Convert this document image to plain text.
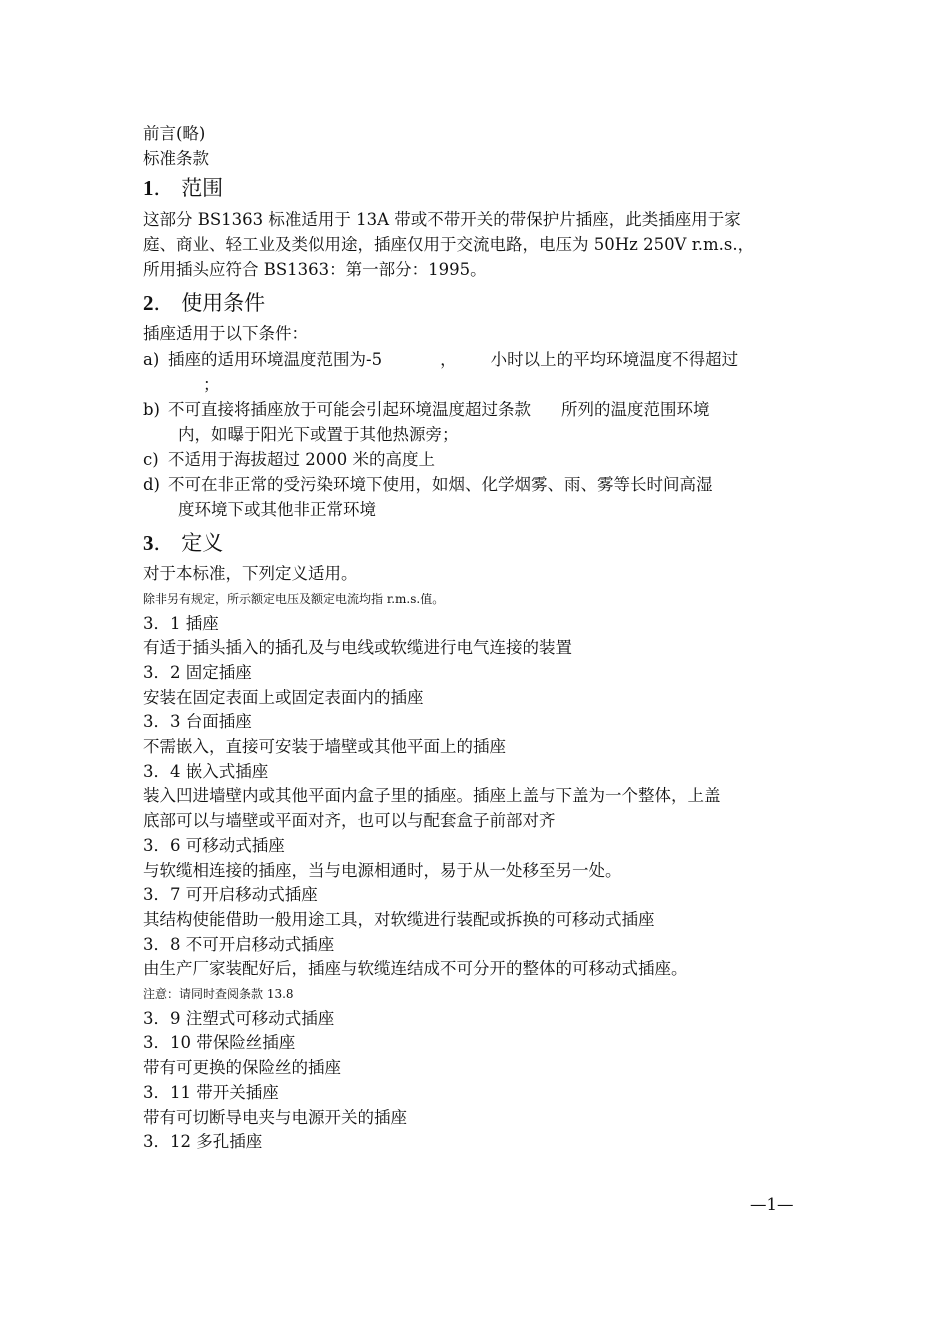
前言(略)
标准条款
1． 范围
这部分 BS1363 标准适用于 13A 带或不带开关的带保护片插座，此类插座用于家
庭、商业、轻工业及类似用途，插座仅用于交流电路，电压为 50Hz 250V r.m.s.，
所用插头应符合 BS1363：第一部分：1995。
2． 使用条件
插座适用于以下条件：
a) 插座的适用环境温度范围为-5	， 小时以上的平均环境温度不得超过
；
b) 不可直接将插座放于可能会引起环境温度超过条款 所列的温度范围环境
内，如曝于阳光下或置于其他热源旁；
c) 不适用于海拔超过 2000 米的高度上
d) 不可在非正常的受污染环境下使用，如烟、化学烟雾、雨、雾等长时间高湿
度环境下或其他非正常环境
3． 定义
对于本标准，下列定义适用。
除非另有规定，所示额定电压及额定电流均指 r.m.s.值。
3．1 插座
有适于插头插入的插孔及与电线或软缆进行电气连接的装置
3．2 固定插座
安装在固定表面上或固定表面内的插座
3．3 台面插座
不需嵌入，直接可安装于墙壁或其他平面上的插座
3．4 嵌入式插座
装入凹进墙壁内或其他平面内盒子里的插座。插座上盖与下盖为一个整体，上盖
底部可以与墙壁或平面对齐，也可以与配套盒子前部对齐
3．6 可移动式插座
与软缆相连接的插座，当与电源相通时，易于从一处移至另一处。
3．7 可开启移动式插座
其结构使能借助一般用途工具，对软缆进行装配或拆换的可移动式插座
3．8 不可开启移动式插座
由生产厂家装配好后，插座与软缆连结成不可分开的整体的可移动式插座。
注意：请同时查阅条款 13.8
3．9 注塑式可移动式插座
3．10 带保险丝插座
带有可更换的保险丝的插座
3．11 带开关插座
带有可切断导电夹与电源开关的插座
3．12 多孔插座
—1—
